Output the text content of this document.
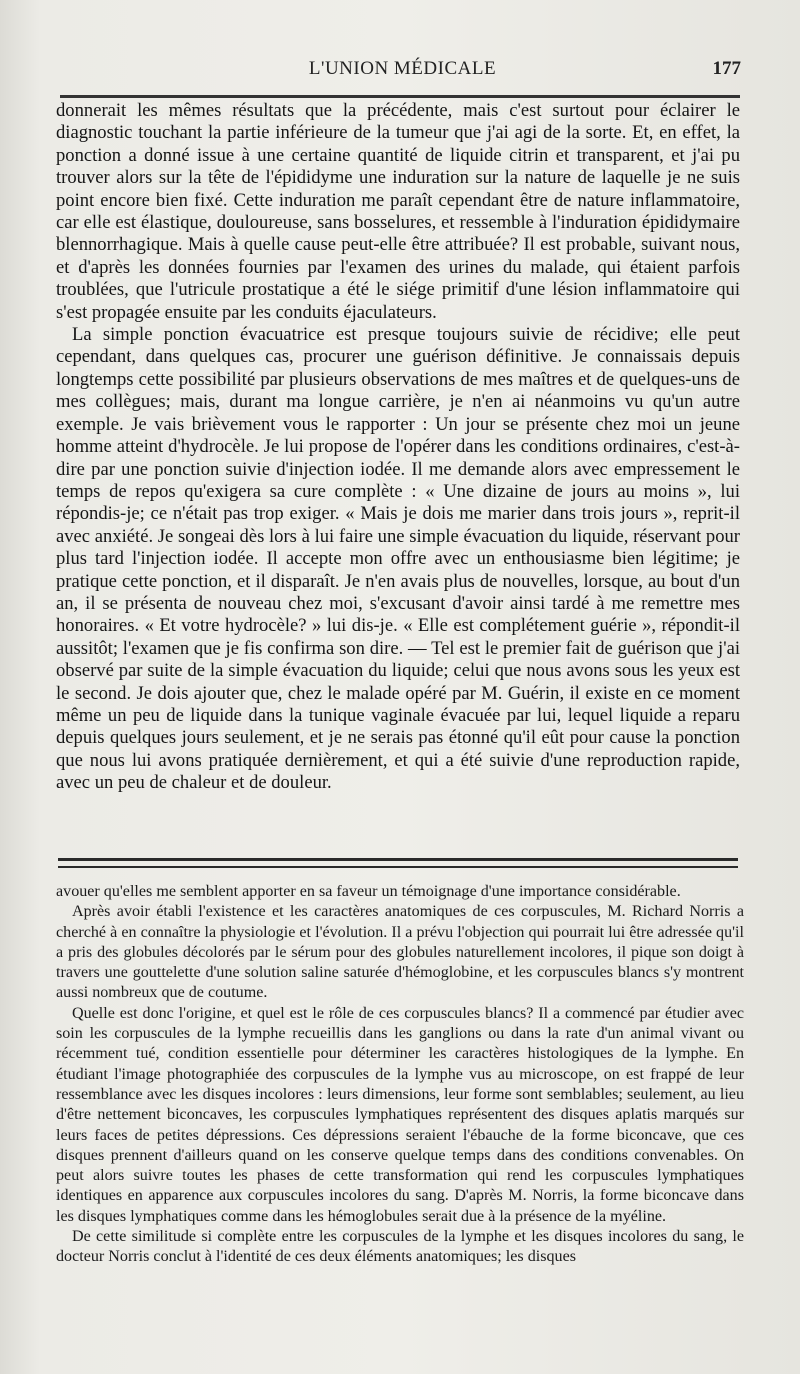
L'UNION MÉDICALE	177

donnerait les mêmes résultats que la précédente, mais c'est surtout pour éclairer le diagnostic touchant la partie inférieure de la tumeur que j'ai agi de la sorte. Et, en effet, la ponction a donné issue à une certaine quantité de liquide citrin et transparent, et j'ai pu trouver alors sur la tête de l'épididyme une induration sur la nature de laquelle je ne suis point encore bien fixé. Cette induration me paraît cependant être de nature inflammatoire, car elle est élastique, douloureuse, sans bosselures, et ressemble à l'induration épididymaire blennorrhagique. Mais à quelle cause peut-elle être attribuée? Il est probable, suivant nous, et d'après les données fournies par l'examen des urines du malade, qui étaient parfois troublées, que l'utricule prostatique a été le siége primitif d'une lésion inflammatoire qui s'est propagée ensuite par les conduits éjaculateurs.

La simple ponction évacuatrice est presque toujours suivie de récidive; elle peut cependant, dans quelques cas, procurer une guérison définitive. Je connaissais depuis longtemps cette possibilité par plusieurs observations de mes maîtres et de quelques-uns de mes collègues; mais, durant ma longue carrière, je n'en ai néanmoins vu qu'un autre exemple. Je vais brièvement vous le rapporter : Un jour se présente chez moi un jeune homme atteint d'hydrocèle. Je lui propose de l'opérer dans les conditions ordinaires, c'est-à-dire par une ponction suivie d'injection iodée. Il me demande alors avec empressement le temps de repos qu'exigera sa cure complète : « Une dizaine de jours au moins », lui répondis-je; ce n'était pas trop exiger. « Mais je dois me marier dans trois jours », reprit-il avec anxiété. Je songeai dès lors à lui faire une simple évacuation du liquide, réservant pour plus tard l'injection iodée. Il accepte mon offre avec un enthousiasme bien légitime; je pratique cette ponction, et il disparaît. Je n'en avais plus de nouvelles, lorsque, au bout d'un an, il se présenta de nouveau chez moi, s'excusant d'avoir ainsi tardé à me remettre mes honoraires. « Et votre hydrocèle? » lui dis-je. « Elle est complétement guérie », répondit-il aussitôt; l'examen que je fis confirma son dire. — Tel est le premier fait de guérison que j'ai observé par suite de la simple évacuation du liquide; celui que nous avons sous les yeux est le second. Je dois ajouter que, chez le malade opéré par M. Guérin, il existe en ce moment même un peu de liquide dans la tunique vaginale évacuée par lui, lequel liquide a reparu depuis quelques jours seulement, et je ne serais pas étonné qu'il eût pour cause la ponction que nous lui avons pratiquée dernièrement, et qui a été suivie d'une reproduction rapide, avec un peu de chaleur et de douleur.

avouer qu'elles me semblent apporter en sa faveur un témoignage d'une importance considérable.

Après avoir établi l'existence et les caractères anatomiques de ces corpuscules, M. Richard Norris a cherché à en connaître la physiologie et l'évolution. Il a prévu l'objection qui pourrait lui être adressée qu'il a pris des globules décolorés par le sérum pour des globules naturellement incolores, il pique son doigt à travers une gouttelette d'une solution saline saturée d'hémoglobine, et les corpuscules blancs s'y montrent aussi nombreux que de coutume.

Quelle est donc l'origine, et quel est le rôle de ces corpuscules blancs? Il a commencé par étudier avec soin les corpuscules de la lymphe recueillis dans les ganglions ou dans la rate d'un animal vivant ou récemment tué, condition essentielle pour déterminer les caractères histologiques de la lymphe. En étudiant l'image photographiée des corpuscules de la lymphe vus au microscope, on est frappé de leur ressemblance avec les disques incolores : leurs dimensions, leur forme sont semblables; seulement, au lieu d'être nettement biconcaves, les corpuscules lymphatiques représentent des disques aplatis marqués sur leurs faces de petites dépressions. Ces dépressions seraient l'ébauche de la forme biconcave, que ces disques prennent d'ailleurs quand on les conserve quelque temps dans des conditions convenables. On peut alors suivre toutes les phases de cette transformation qui rend les corpuscules lymphatiques identiques en apparence aux corpuscules incolores du sang. D'après M. Norris, la forme biconcave dans les disques lymphatiques comme dans les hémoglobules serait due à la présence de la myéline.

De cette similitude si complète entre les corpuscules de la lymphe et les disques incolores du sang, le docteur Norris conclut à l'identité de ces deux éléments anatomiques; les disques
